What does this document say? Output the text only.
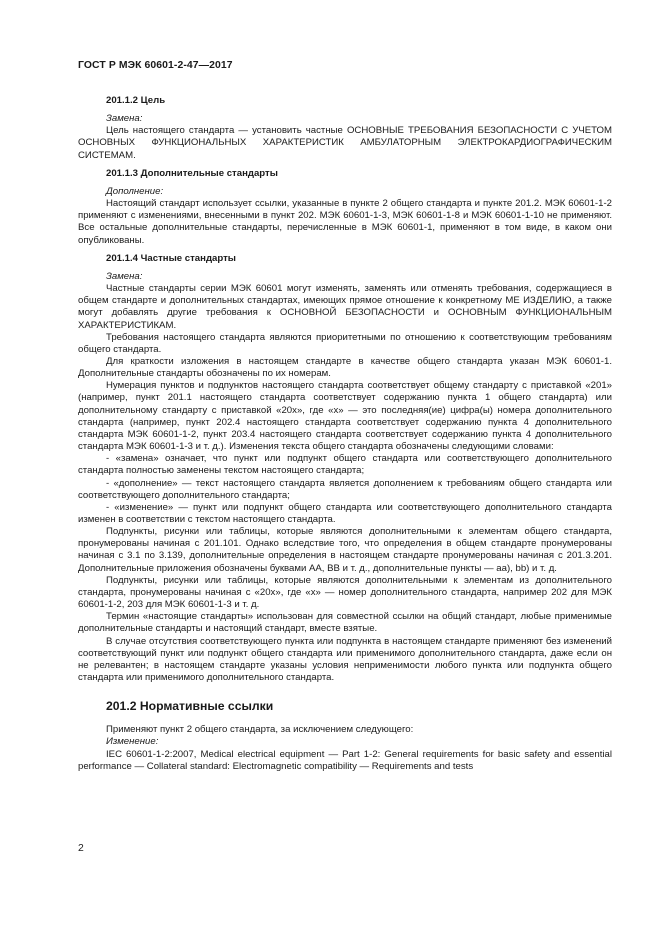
ГОСТ Р МЭК 60601-2-47—2017

201.1.2 Цель

Замена:

Цель настоящего стандарта — установить частные ОСНОВНЫЕ ТРЕБОВАНИЯ БЕЗОПАСНОСТИ С УЧЕТОМ ОСНОВНЫХ ФУНКЦИОНАЛЬНЫХ ХАРАКТЕРИСТИК АМБУЛАТОРНЫМ ЭЛЕКТРОКАРДИОГРАФИЧЕСКИМ СИСТЕМАМ.

201.1.3 Дополнительные стандарты

Дополнение:

Настоящий стандарт использует ссылки, указанные в пункте 2 общего стандарта и пункте 201.2. МЭК 60601-1-2 применяют с изменениями, внесенными в пункт 202. МЭК 60601-1-3, МЭК 60601-1-8 и МЭК 60601-1-10 не применяют. Все остальные дополнительные стандарты, перечисленные в МЭК 60601-1, применяют в том виде, в каком они опубликованы.

201.1.4 Частные стандарты

Замена:

Частные стандарты серии МЭК 60601 могут изменять, заменять или отменять требования, содержащиеся в общем стандарте и дополнительных стандартах, имеющих прямое отношение к конкретному МЕ ИЗДЕЛИЮ, а также могут добавлять другие требования к ОСНОВНОЙ БЕЗОПАСНОСТИ и ОСНОВНЫМ ФУНКЦИОНАЛЬНЫМ ХАРАКТЕРИСТИКАМ.

Требования настоящего стандарта являются приоритетными по отношению к соответствующим требованиям общего стандарта.

Для краткости изложения в настоящем стандарте в качестве общего стандарта указан МЭК 60601-1. Дополнительные стандарты обозначены по их номерам.

Нумерация пунктов и подпунктов настоящего стандарта соответствует общему стандарту с приставкой «201» (например, пункт 201.1 настоящего стандарта соответствует содержанию пункта 1 общего стандарта) или дополнительному стандарту с приставкой «20x», где «x» — это последняя(ие) цифра(ы) номера дополнительного стандарта (например, пункт 202.4 настоящего стандарта соответствует содержанию пункта 4 дополнительного стандарта МЭК 60601-1-2, пункт 203.4 настоящего стандарта соответствует содержанию пункта 4 дополнительного стандарта МЭК 60601-1-3 и т. д.). Изменения текста общего стандарта обозначены следующими словами:

- «замена» означает, что пункт или подпункт общего стандарта или соответствующего дополнительного стандарта полностью заменены текстом настоящего стандарта;

- «дополнение» — текст настоящего стандарта является дополнением к требованиям общего стандарта или соответствующего дополнительного стандарта;

- «изменение» — пункт или подпункт общего стандарта или соответствующего дополнительного стандарта изменен в соответствии с текстом настоящего стандарта.

Подпункты, рисунки или таблицы, которые являются дополнительными к элементам общего стандарта, пронумерованы начиная с 201.101. Однако вследствие того, что определения в общем стандарте пронумерованы начиная с 3.1 по 3.139, дополнительные определения в настоящем стандарте пронумерованы начиная с 201.3.201. Дополнительные приложения обозначены буквами АА, ВВ и т. д., дополнительные пункты — аа), bb) и т. д.

Подпункты, рисунки или таблицы, которые являются дополнительными к элементам из дополнительного стандарта, пронумерованы начиная с «20x», где «x» — номер дополнительного стандарта, например 202 для МЭК 60601-1-2, 203 для МЭК 60601-1-3 и т. д.

Термин «настоящие стандарты» использован для совместной ссылки на общий стандарт, любые применимые дополнительные стандарты и настоящий стандарт, вместе взятые.

В случае отсутствия соответствующего пункта или подпункта в настоящем стандарте применяют без изменений соответствующий пункт или подпункт общего стандарта или применимого дополнительного стандарта, даже если он не релевантен; в настоящем стандарте указаны условия неприменимости любого пункта или подпункта общего стандарта или применимого дополнительного стандарта.

201.2 Нормативные ссылки

Применяют пункт 2 общего стандарта, за исключением следующего:

Изменение:

IEC 60601-1-2:2007, Medical electrical equipment — Part 1-2: General requirements for basic safety and essential performance — Collateral standard: Electromagnetic compatibility — Requirements and tests

2
